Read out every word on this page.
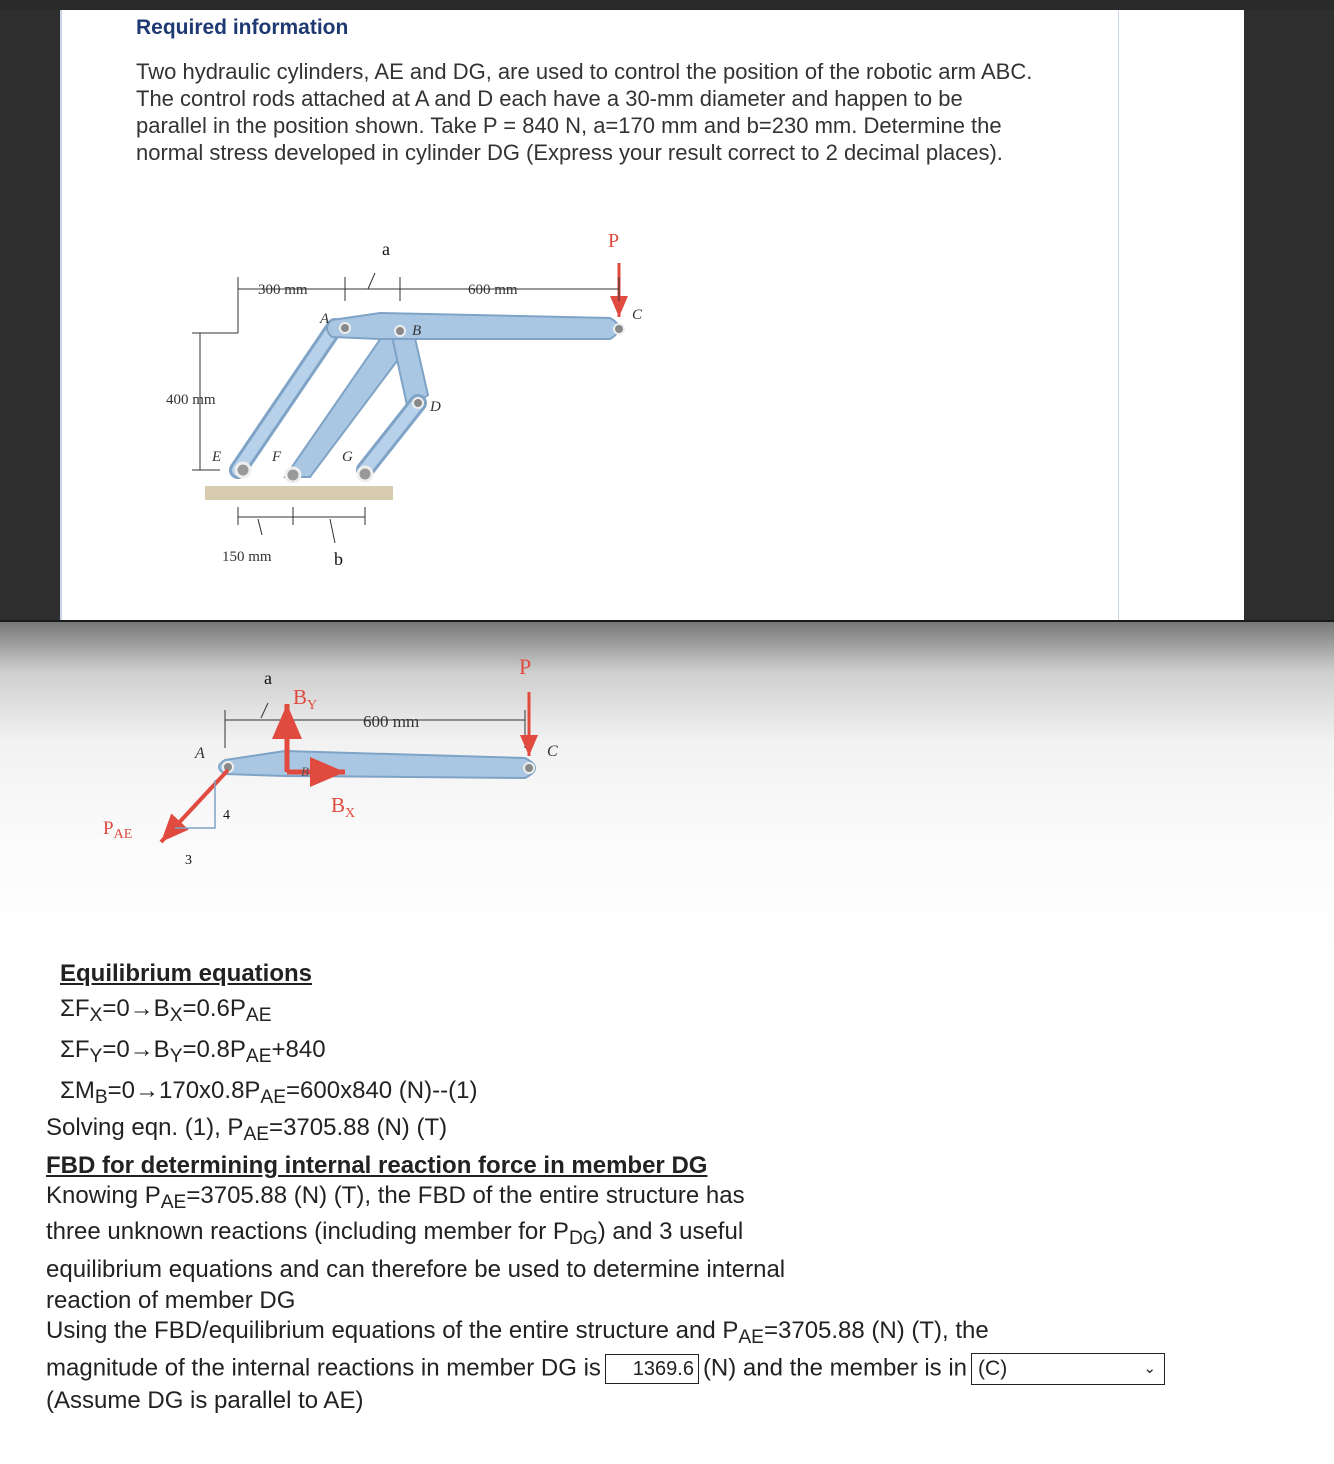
Required information
Two hydraulic cylinders, AE and DG, are used to control the position of the robotic arm ABC. The control rods attached at A and D each have a 30-mm diameter and happen to be parallel in the position shown. Take P = 840 N, a=170 mm and b=230 mm. Determine the normal stress developed in cylinder DG (Express your result correct to 2 decimal places).
300 mm	600 mm
400 mm
150 mm
a
b
P
A
B
C
D
E	F	G
a
$B_Y$
600 mm
P
A	C
B
$B_X$
4
3
$P_{AE}$
Equilibrium equations
$\Sigma F_X=0\to B_X=0.6P_{AE}$
$\Sigma F_Y=0\to B_Y=0.8P_{AE}+840$
$\Sigma M_B=0\to 170x0.8P_{AE}=600x840$ (N)--(1)
Solving eqn. (1), $P_{AE}=3705.88$ (N) (T)
FBD for determining internal reaction force in member DG
Knowing $P_{AE}=3705.88$ (N) (T), the FBD of the entire structure has
three unknown reactions (including member for $P_{DG}$) and 3 useful
equilibrium equations and can therefore be used to determine internal
reaction of member DG
Using the FBD/equilibrium equations of the entire structure and $P_{AE}=3705.88$ (N) (T), the
magnitude of the internal reactions in member DG is 1369.6 (N) and the member is in (C)	⌄
(Assume DG is parallel to AE)
